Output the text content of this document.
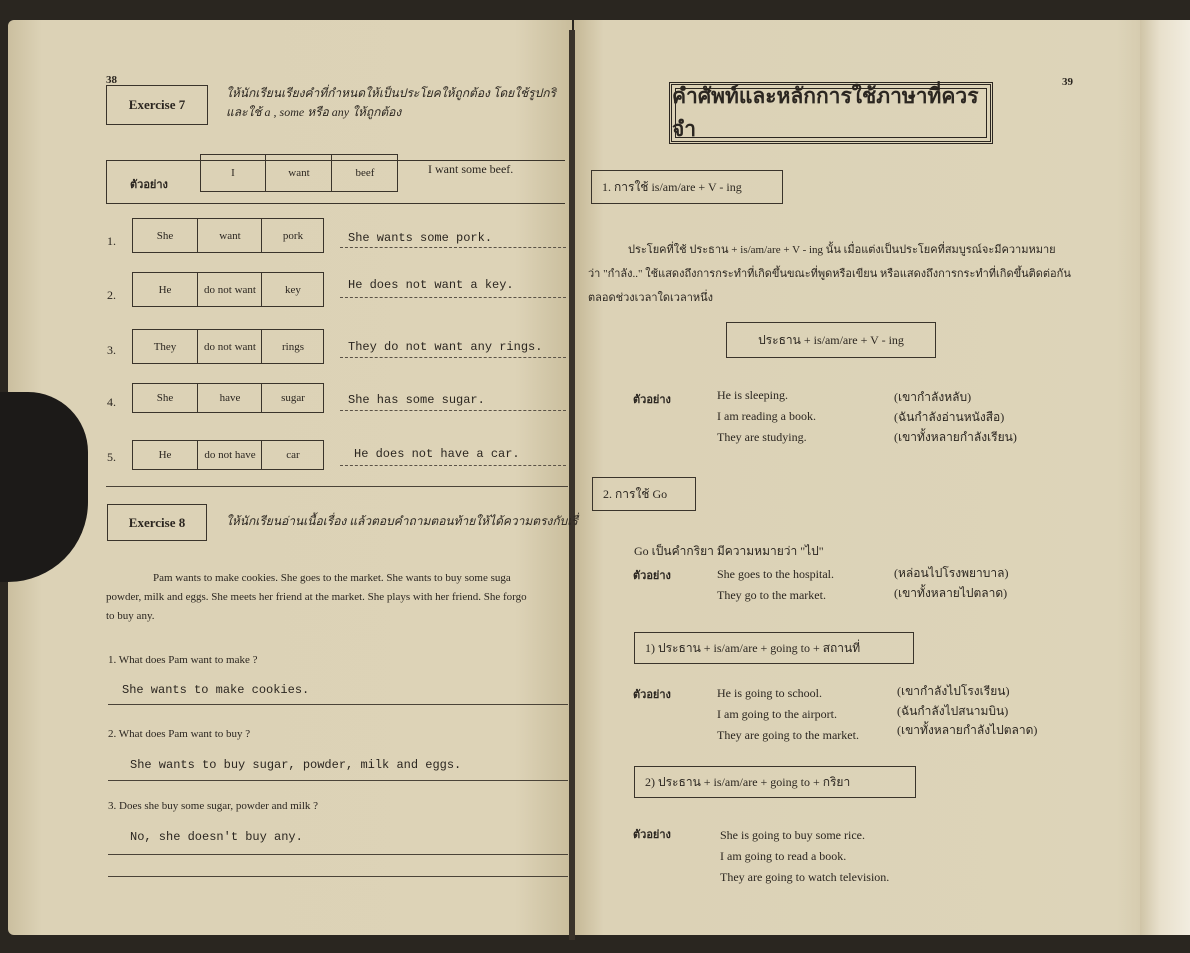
38
Exercise 7
ให้นักเรียนเรียงคำที่กำหนดให้เป็นประโยคให้ถูกต้อง โดยใช้รูปกริ
และใช้ a , some หรือ any ให้ถูกต้อง
ตัวอย่าง
I	want	beef	I want some beef.
1.	She	want	pork	She wants some pork.
2.	He	do not want	key	He does not want a key.
3.	They	do not want	rings	They do not want any rings.
4.	She	have	sugar	She has some sugar.
5.	He	do not have	car	He does not have a car.
Exercise 8	ให้นักเรียนอ่านเนื้อเรื่อง แล้วตอบคำถามตอนท้ายให้ได้ความตรงกับเรื่
Pam wants to make cookies. She goes to the market. She wants to buy some suga
powder, milk and eggs. She meets her friend at the market. She plays with her friend. She forgo
to buy any.
1. What does Pam want to make ?
She wants to make cookies.
2. What does Pam want to buy ?
She wants to buy sugar, powder, milk and eggs.
3. Does she buy some sugar, powder and milk ?
No, she doesn't buy any.
39
คำศัพท์และหลักการใช้ภาษาที่ควรจำ
1. การใช้ is/am/are + V - ing
ประโยคที่ใช้ ประธาน + is/am/are + V - ing นั้น เมื่อแต่งเป็นประโยคที่สมบูรณ์จะมีความหมาย
ว่า "กำลัง.." ใช้แสดงถึงการกระทำที่เกิดขึ้นขณะที่พูดหรือเขียน หรือแสดงถึงการกระทำที่เกิดขึ้นติดต่อกัน
ตลอดช่วงเวลาใดเวลาหนึ่ง
ประธาน + is/am/are + V - ing
ตัวอย่าง	He is sleeping.	(เขากำลังหลับ)
I am reading a book.	(ฉันกำลังอ่านหนังสือ)
They are studying.	(เขาทั้งหลายกำลังเรียน)
2. การใช้ Go
Go เป็นคำกริยา มีความหมายว่า "ไป"
ตัวอย่าง	She goes to the hospital.	(หล่อนไปโรงพยาบาล)
They go to the market.	(เขาทั้งหลายไปตลาด)
1) ประธาน + is/am/are + going to + สถานที่
ตัวอย่าง	He is going to school.	(เขากำลังไปโรงเรียน)
I am going to the airport.	(ฉันกำลังไปสนามบิน)
They are going to the market.	(เขาทั้งหลายกำลังไปตลาด)
2) ประธาน + is/am/are + going to + กริยา
ตัวอย่าง	She is going to buy some rice.
I am going to read a book.
They are going to watch television.
